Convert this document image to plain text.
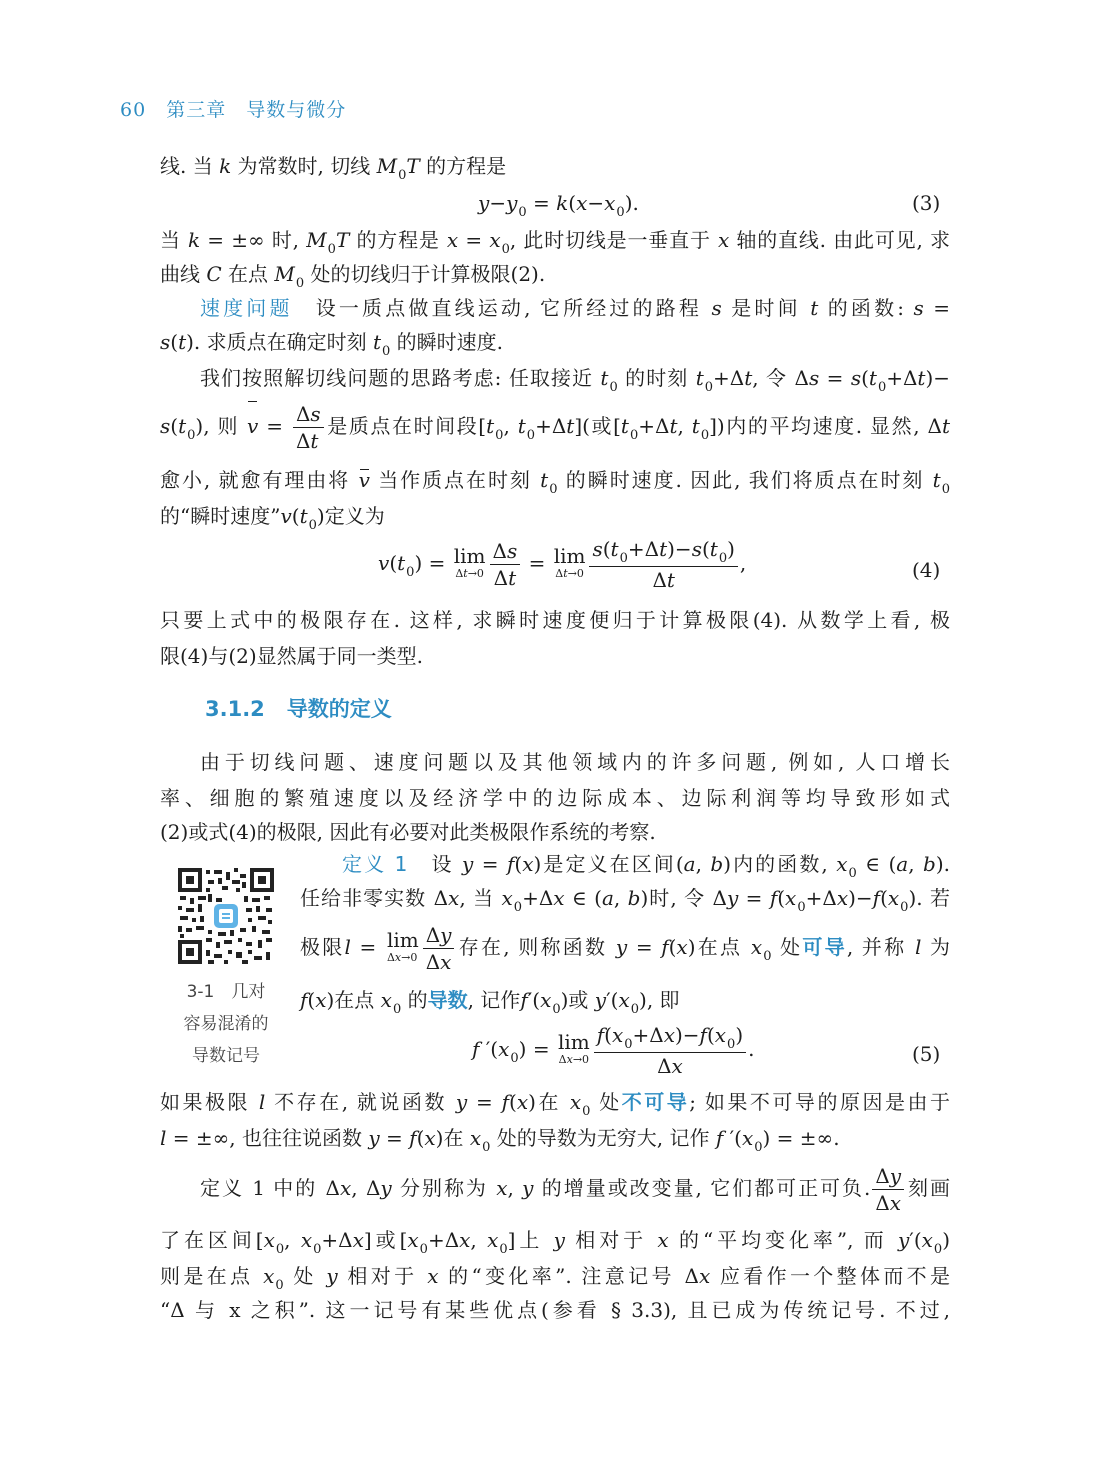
60 第三章 导数与微分
线. 当 k 为常数时, 切线 $M_0T$ 的方程是
$y-y_0 = k(x-x_0)$.	(3)
当 k = ±∞ 时, $M_0T$ 的方程是 $x = x_0$, 此时切线是一垂直于 x 轴的直线. 由此可见, 求
曲线 C 在点 $M_0$ 处的切线归于计算极限(2).
速度问题　 设一质点做直线运动, 它所经过的路程 s 是时间 t 的函数: s =
s(t). 求质点在确定时刻 $t_0$ 的瞬时速度.
我们按照解切线问题的思路考虑: 任取接近 $t_0$ 的时刻 $t_0+\Delta t$, 令 $\Delta s = s(t_0+\Delta t)-$
$s(t_0)$, 则 $v = \frac{\Delta s}{\Delta t}$ 是质点在时间段[$t_0$, $t_0+\Delta t$](或[$t_0+\Delta t$, $t_0$])内的平均速度. 显然, Δt
愈小, 就愈有理由将 v 当作质点在时刻 $t_0$ 的瞬时速度. 因此, 我们将质点在时刻 $t_0$
的“瞬时速度$”v(t_0)$定义为
$v(t_0) = \lim$
$\Delta t\to 0 \frac{\Delta s}{\Delta t} = \lim$
$\Delta t\to 0 \frac{s(t_0+\Delta t)-s(t_0)}{\Delta t}$ ,	(4)
只要上式中的极限存在. 这样, 求瞬时速度便归于计算极限(4). 从数学上看, 极
限(4)与(2)显然属于同一类型.
3.1.2 导数的定义
由于切线问题、速度问题以及其他领域内的许多问题, 例如, 人口增长
率、细胞的繁殖速度以及经济学中的边际成本、边际利润等均导致形如式
(2)或式(4)的极限, 因此有必要对此类极限作系统的考察.
3-1　几对
容易混淆的
导数记号
定义 1　 设 y = f(x)是定义在区间(a, b)内的函数, $x_0$ ∈ (a, b).
任给非零实数 Δx, 当 $x_0+\Delta x$ ∈ (a, b)时, 令 $\Delta y = f(x_0+\Delta x)-f(x_0)$. 若
极限l = lim
$\Delta x\to 0 \frac{\Delta y}{\Delta x}$ 存在, 则称函数 y = f(x)在点 $x_0$ 处可导, 并称 l 为
f(x)在点 $x_0$ 的导数, 记作$f'(x_0)$或 $y'(x_0)$, 即
f $'(x_0) = \lim$
$\Delta x\to 0 \frac{f(x_0+\Delta x)-f(x_0)}{\Delta x}$ .	(5)
如果极限 l 不存在, 就说函数 y = f(x)在 $x_0$ 处不可导; 如果不可导的原因是由于
l = ±∞, 也往往说函数 y = f(x)在 $x_0$ 处的导数为无穷大, 记作 f $'(x_0)$ = ±∞.
定义 1 中的 Δx, Δy 分别称为 x, y 的增量或改变量, 它们都可正可负. $\frac{\Delta y}{\Delta x}$ 刻画
了在区间[$x_0$, $x_0+\Delta x$]或[$x_0+\Delta x$, $x_0$]上 y 相对于 x 的“平均变化率”, 而 $y'(x_0)$
则是在点 $x_0$ 处 y 相对于 x 的“变化率”. 注意记号 Δx 应看作一个整体而不是
“Δ 与 x 之积”. 这一记号有某些优点(参看 § 3.3), 且已成为传统记号. 不过,
